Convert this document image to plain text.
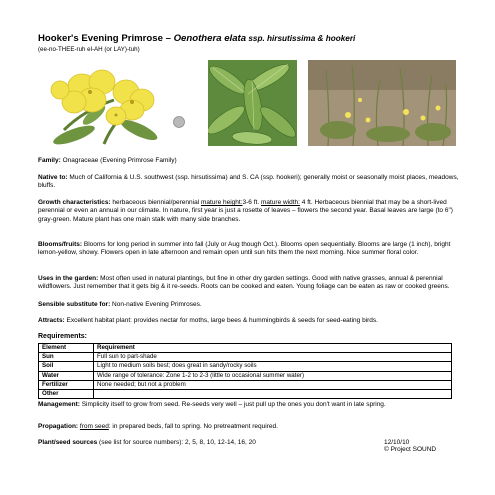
Hooker's Evening Primrose – Oenothera elata ssp. hirsutissima & hookeri
(ee-no-THEE-ruh el-AH (or LAY)-tuh)

Family: Onagraceae (Evening Primrose Family)

Native to: Much of California & U.S. southwest (ssp. hirsutissima) and S. CA (ssp. hookeri); generally moist or seasonally moist places, meadows, bluffs.

Growth characteristics: herbaceous biennial/perennial mature height:3-6 ft. mature width: 4 ft. Herbaceous biennial that may be a short-lived perennial or even an annual in our climate. In nature, first year is just a rosette of leaves – flowers the second year. Basal leaves are large (to 6") gray-green. Mature plant has one main stalk with many side branches.

Blooms/fruits: Blooms for long period in summer into fall (July or Aug though Oct.). Blooms open sequentially. Blooms are large (1 inch), bright lemon-yellow, showy. Flowers open in late afternoon and remain open until sun hits them the next morning. Nice summer floral color.

Uses in the garden: Most often used in natural plantings, but fine in other dry garden settings. Good with native grasses, annual & perennial wildflowers. Just remember that it gets big & it re-seeds. Roots can be cooked and eaten. Young foliage can be eaten as raw or cooked greens.

Sensible substitute for: Non-native Evening Primroses.

Attracts: Excellent habitat plant: provides nectar for moths, large bees & hummingbirds & seeds for seed-eating birds.

Requirements:
Element	Requirement
Sun	Full sun to part-shade
Soil	Light to medium soils best; does great in sandy/rocky soils
Water	Wide range of tolerance: Zone 1-2 to 2-3 (little to occasional summer water)
Fertilizer	None needed; but not a problem
Other	

Management: Simplicity itself to grow from seed. Re-seeds very well – just pull up the ones you don't want in late spring.

Propagation: from seed: in prepared beds, fall to spring. No pretreatment required.

Plant/seed sources (see list for source numbers): 2, 5, 8, 10, 12-14, 16, 20	12/10/10
© Project SOUND
